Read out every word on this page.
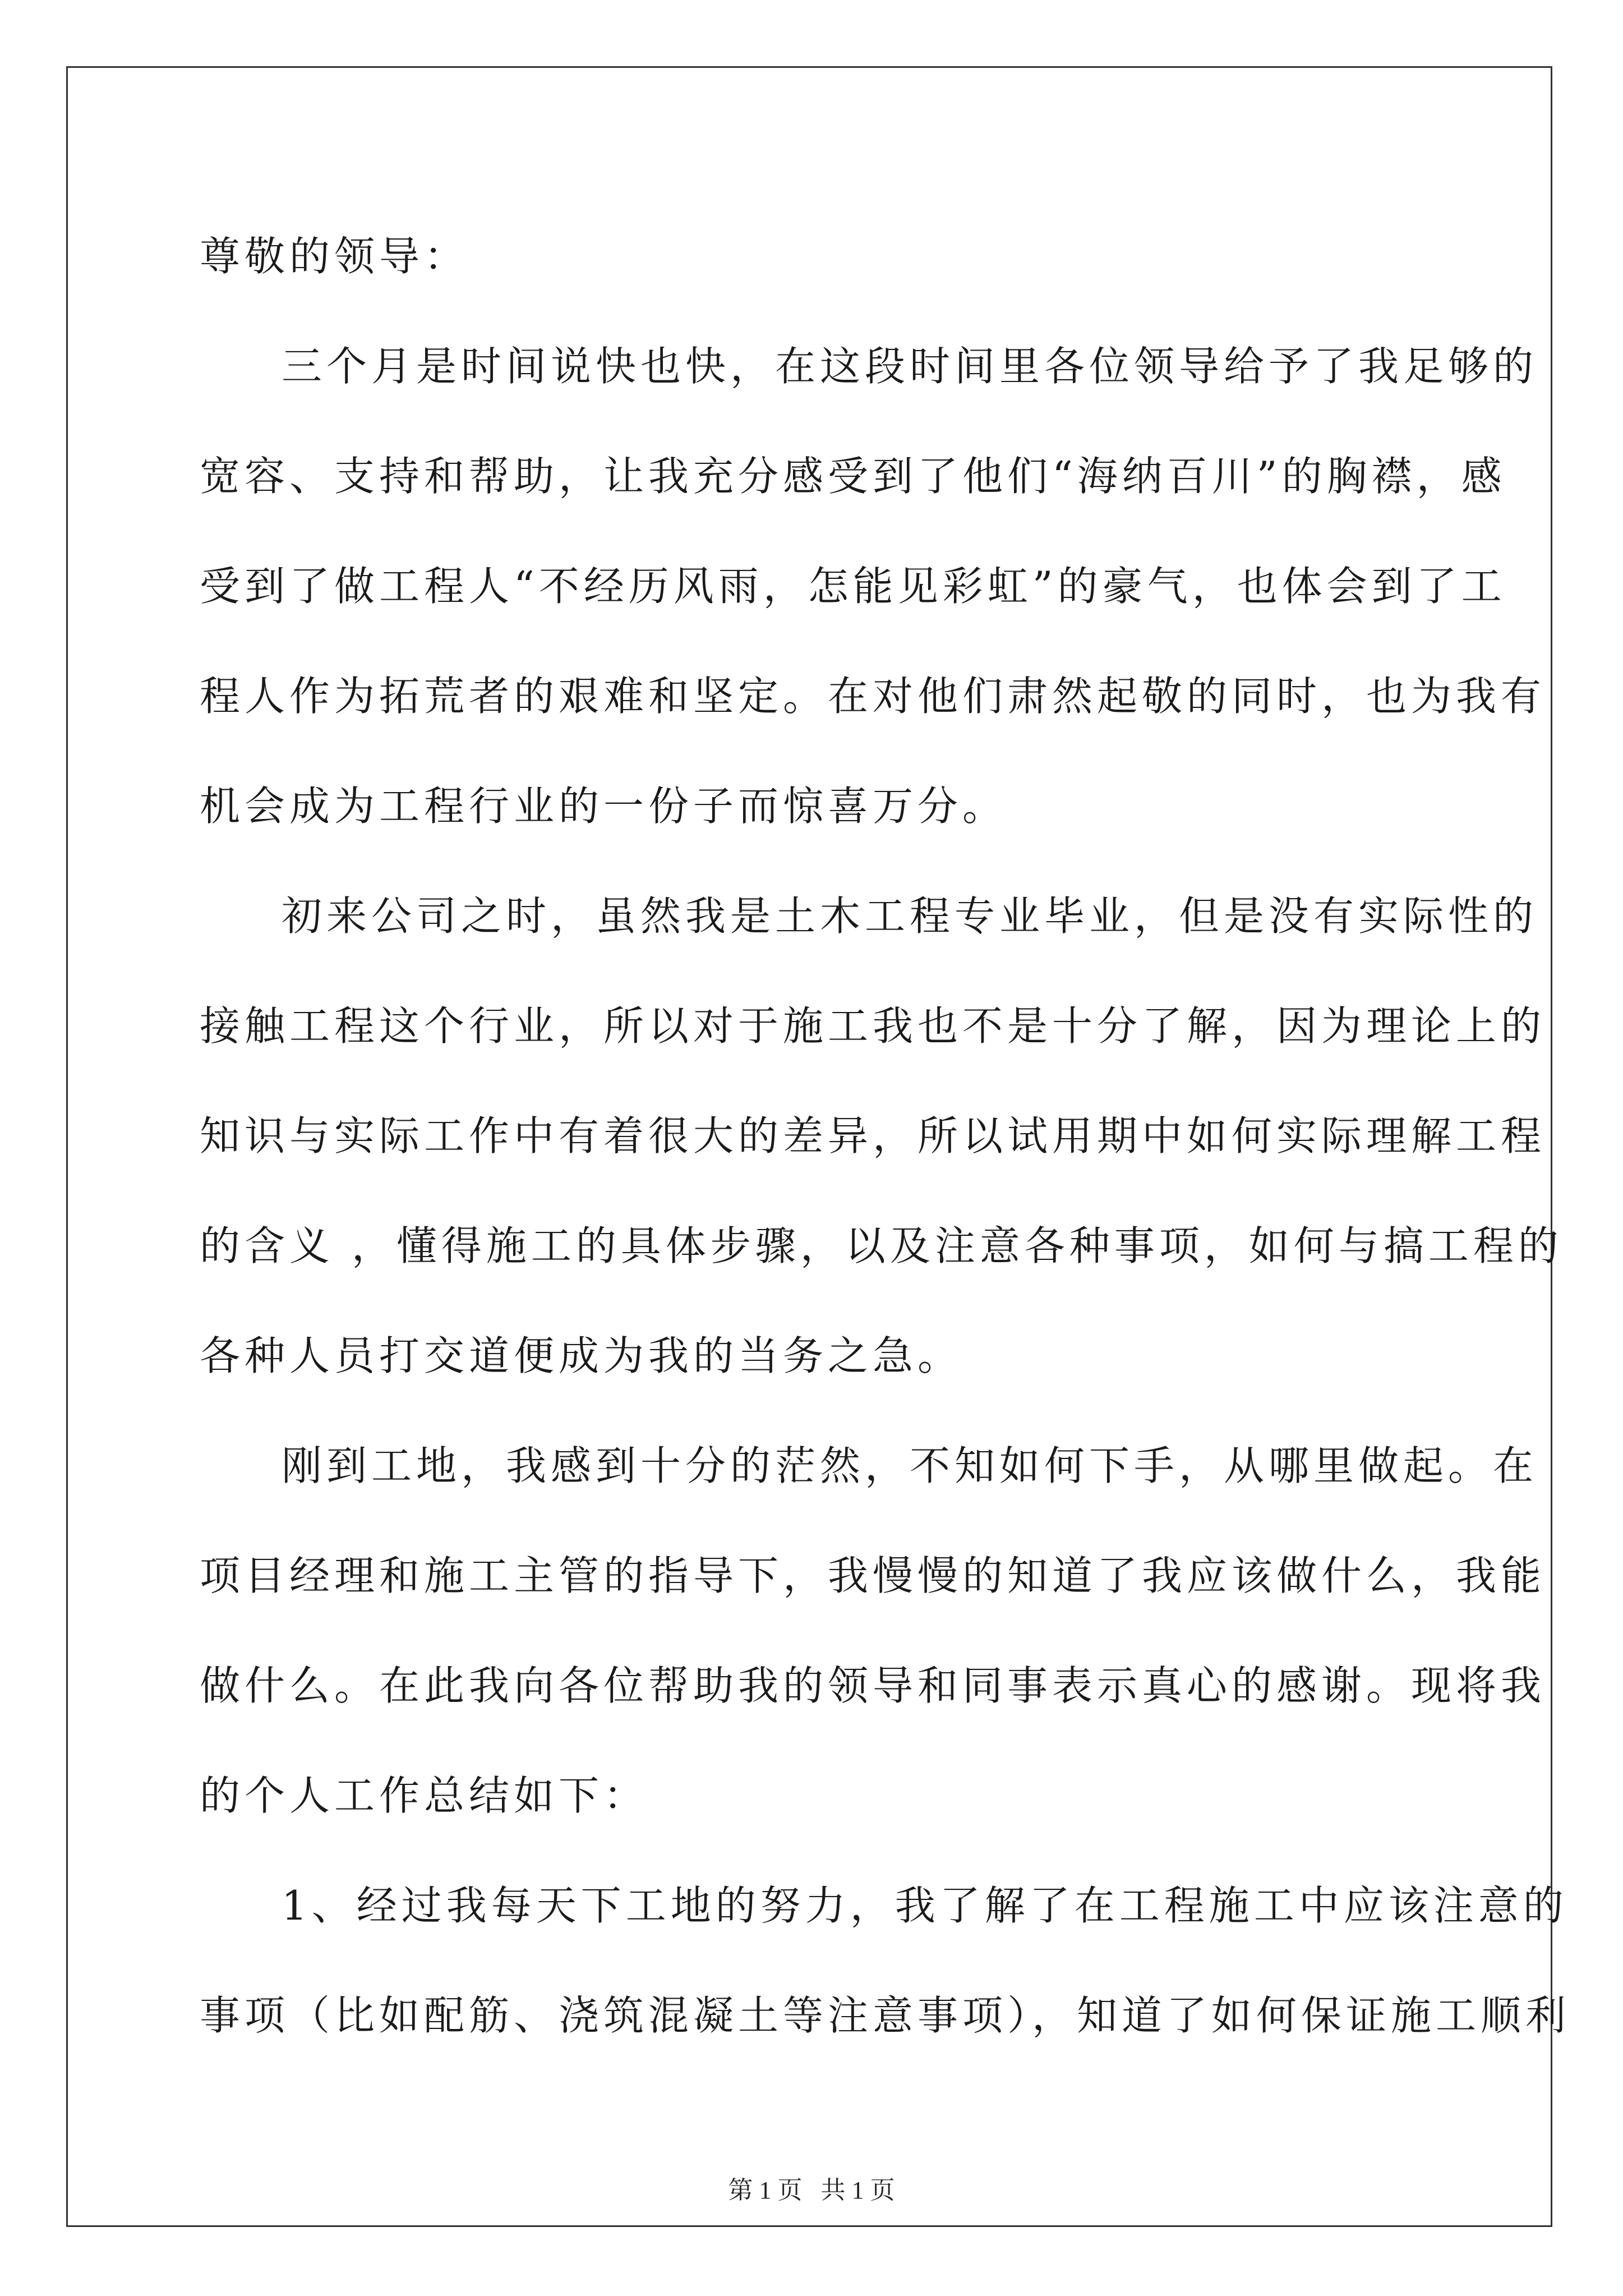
尊敬的领导：
三个月是时间说快也快，在这段时间里各位领导给予了我足够的
宽容、支持和帮助，让我充分感受到了他们“海纳百川”的胸襟，感
受到了做工程人“不经历风雨，怎能见彩虹”的豪气，也体会到了工
程人作为拓荒者的艰难和坚定。在对他们肃然起敬的同时，也为我有
机会成为工程行业的一份子而惊喜万分。
初来公司之时，虽然我是土木工程专业毕业，但是没有实际性的
接触工程这个行业，所以对于施工我也不是十分了解，因为理论上的
知识与实际工作中有着很大的差异，所以试用期中如何实际理解工程
的含义 ，懂得施工的具体步骤，以及注意各种事项，如何与搞工程的
各种人员打交道便成为我的当务之急。
刚到工地，我感到十分的茫然，不知如何下手，从哪里做起。在
项目经理和施工主管的指导下，我慢慢的知道了我应该做什么，我能
做什么。在此我向各位帮助我的领导和同事表示真心的感谢。现将我
的个人工作总结如下：
1、经过我每天下工地的努力，我了解了在工程施工中应该注意的
事项（比如配筋、浇筑混凝土等注意事项），知道了如何保证施工顺利
第 1 页   共 1 页
